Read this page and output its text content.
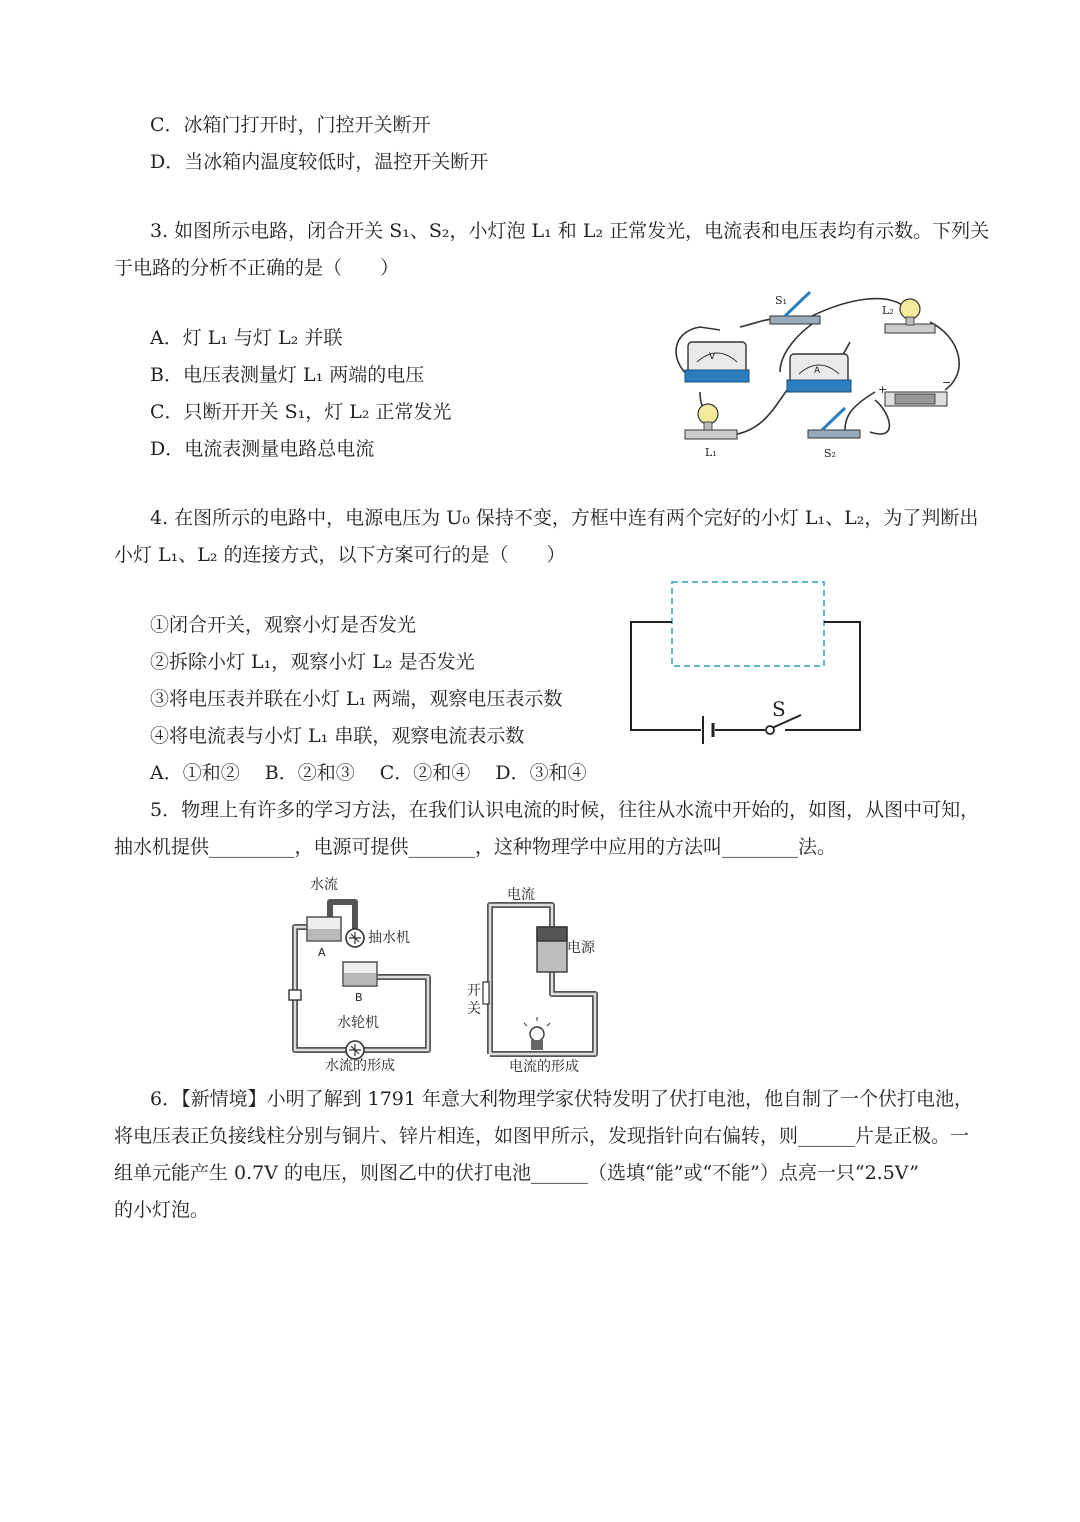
C．冰箱门打开时，门控开关断开
D．当冰箱内温度较低时，温控开关断开
3. 如图所示电路，闭合开关 S₁、S₂，小灯泡 L₁ 和 L₂ 正常发光，电流表和电压表均有示数。下列关
于电路的分析不正确的是（　　）
A．灯 L₁ 与灯 L₂ 并联
B．电压表测量灯 L₁ 两端的电压
C．只断开开关 S₁，灯 L₂ 正常发光
D．电流表测量电路总电流
V
A
S₁
L₂
+
−
S₂
L₁
4. 在图所示的电路中，电源电压为 U₀ 保持不变，方框中连有两个完好的小灯 L₁、L₂，为了判断出
小灯 L₁、L₂ 的连接方式，以下方案可行的是（　　）
①闭合开关，观察小灯是否发光
②拆除小灯 L₁，观察小灯 L₂ 是否发光
③将电压表并联在小灯 L₁ 两端，观察电压表示数
④将电流表与小灯 L₁ 串联，观察电流表示数
A．①和②　 B．②和③　 C．②和④　 D．③和④
S
5．物理上有许多的学习方法，在我们认识电流的时候，往往从水流中开始的，如图，从图中可知，
抽水机提供_________，电源可提供_______，这种物理学中应用的方法叫________法。
水流
A
抽水机
B
水轮机
水流的形成
电流
电源
开
关
电流的形成
6．【新情境】小明了解到 1791 年意大利物理学家伏特发明了伏打电池，他自制了一个伏打电池，
将电压表正负接线柱分别与铜片、锌片相连，如图甲所示，发现指针向右偏转，则______片是正极。一
组单元能产生 0.7V 的电压，则图乙中的伏打电池______（选填“能”或“不能”）点亮一只“2.5V”
的小灯泡。
